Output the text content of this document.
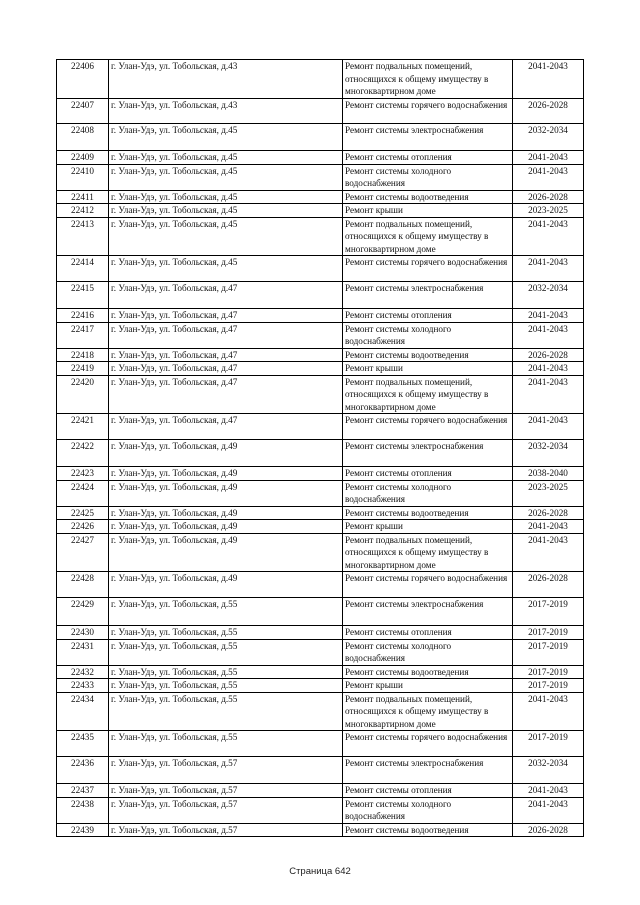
22406	г. Улан-Удэ, ул. Тобольская, д.43	Ремонт подвальных помещений, относящихся к общему имуществу в многоквартирном доме	2041-2043
22407	г. Улан-Удэ, ул. Тобольская, д.43	Ремонт системы горячего водоснабжения	2026-2028
22408	г. Улан-Удэ, ул. Тобольская, д.45	Ремонт системы электроснабжения	2032-2034
22409	г. Улан-Удэ, ул. Тобольская, д.45	Ремонт системы отопления	2041-2043
22410	г. Улан-Удэ, ул. Тобольская, д.45	Ремонт системы холодного водоснабжения	2041-2043
22411	г. Улан-Удэ, ул. Тобольская, д.45	Ремонт системы водоотведения	2026-2028
22412	г. Улан-Удэ, ул. Тобольская, д.45	Ремонт крыши	2023-2025
22413	г. Улан-Удэ, ул. Тобольская, д.45	Ремонт подвальных помещений, относящихся к общему имуществу в многоквартирном доме	2041-2043
22414	г. Улан-Удэ, ул. Тобольская, д.45	Ремонт системы горячего водоснабжения	2041-2043
22415	г. Улан-Удэ, ул. Тобольская, д.47	Ремонт системы электроснабжения	2032-2034
22416	г. Улан-Удэ, ул. Тобольская, д.47	Ремонт системы отопления	2041-2043
22417	г. Улан-Удэ, ул. Тобольская, д.47	Ремонт системы холодного водоснабжения	2041-2043
22418	г. Улан-Удэ, ул. Тобольская, д.47	Ремонт системы водоотведения	2026-2028
22419	г. Улан-Удэ, ул. Тобольская, д.47	Ремонт крыши	2041-2043
22420	г. Улан-Удэ, ул. Тобольская, д.47	Ремонт подвальных помещений, относящихся к общему имуществу в многоквартирном доме	2041-2043
22421	г. Улан-Удэ, ул. Тобольская, д.47	Ремонт системы горячего водоснабжения	2041-2043
22422	г. Улан-Удэ, ул. Тобольская, д.49	Ремонт системы электроснабжения	2032-2034
22423	г. Улан-Удэ, ул. Тобольская, д.49	Ремонт системы отопления	2038-2040
22424	г. Улан-Удэ, ул. Тобольская, д.49	Ремонт системы холодного водоснабжения	2023-2025
22425	г. Улан-Удэ, ул. Тобольская, д.49	Ремонт системы водоотведения	2026-2028
22426	г. Улан-Удэ, ул. Тобольская, д.49	Ремонт крыши	2041-2043
22427	г. Улан-Удэ, ул. Тобольская, д.49	Ремонт подвальных помещений, относящихся к общему имуществу в многоквартирном доме	2041-2043
22428	г. Улан-Удэ, ул. Тобольская, д.49	Ремонт системы горячего водоснабжения	2026-2028
22429	г. Улан-Удэ, ул. Тобольская, д.55	Ремонт системы электроснабжения	2017-2019
22430	г. Улан-Удэ, ул. Тобольская, д.55	Ремонт системы отопления	2017-2019
22431	г. Улан-Удэ, ул. Тобольская, д.55	Ремонт системы холодного водоснабжения	2017-2019
22432	г. Улан-Удэ, ул. Тобольская, д.55	Ремонт системы водоотведения	2017-2019
22433	г. Улан-Удэ, ул. Тобольская, д.55	Ремонт крыши	2017-2019
22434	г. Улан-Удэ, ул. Тобольская, д.55	Ремонт подвальных помещений, относящихся к общему имуществу в многоквартирном доме	2041-2043
22435	г. Улан-Удэ, ул. Тобольская, д.55	Ремонт системы горячего водоснабжения	2017-2019
22436	г. Улан-Удэ, ул. Тобольская, д.57	Ремонт системы электроснабжения	2032-2034
22437	г. Улан-Удэ, ул. Тобольская, д.57	Ремонт системы отопления	2041-2043
22438	г. Улан-Удэ, ул. Тобольская, д.57	Ремонт системы холодного водоснабжения	2041-2043
22439	г. Улан-Удэ, ул. Тобольская, д.57	Ремонт системы водоотведения	2026-2028
Страница 642
